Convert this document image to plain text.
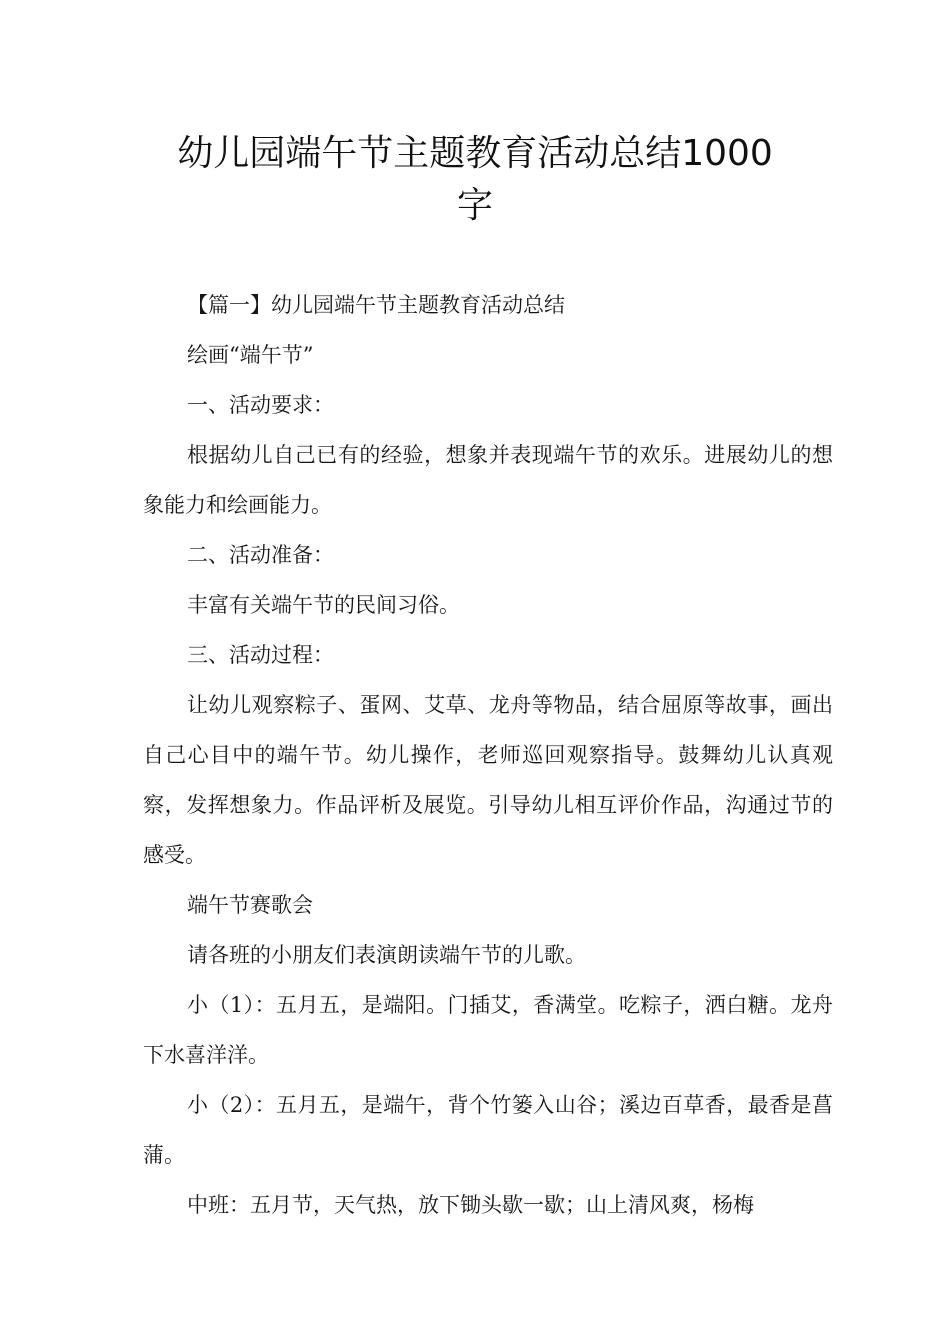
幼儿园端午节主题教育活动总结1000
字

【篇一】幼儿园端午节主题教育活动总结

绘画“端午节”

一、活动要求：

根据幼儿自己已有的经验，想象并表现端午节的欢乐。进展幼儿的想象能力和绘画能力。

二、活动准备：

丰富有关端午节的民间习俗。

三、活动过程：

让幼儿观察粽子、蛋网、艾草、龙舟等物品，结合屈原等故事，画出自己心目中的端午节。幼儿操作，老师巡回观察指导。鼓舞幼儿认真观察，发挥想象力。作品评析及展览。引导幼儿相互评价作品，沟通过节的感受。

端午节赛歌会

请各班的小朋友们表演朗读端午节的儿歌。

小（1）：五月五，是端阳。门插艾，香满堂。吃粽子，洒白糖。龙舟下水喜洋洋。

小（2）：五月五，是端午，背个竹篓入山谷；溪边百草香，最香是菖蒲。

中班：五月节，天气热，放下锄头歇一歇；山上清风爽，杨梅
